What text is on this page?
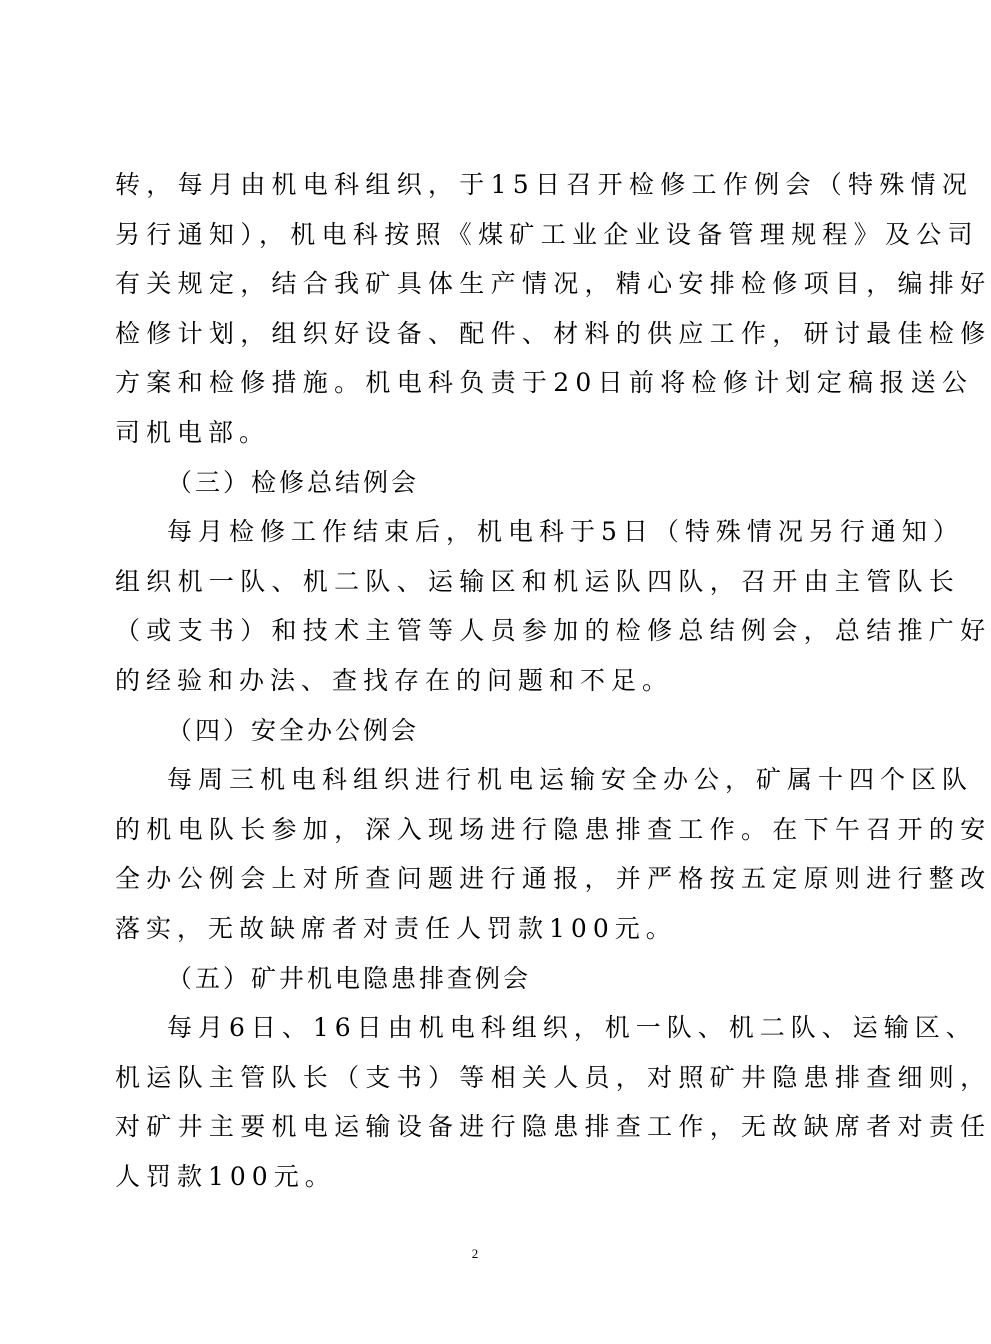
转，每月由机电科组织，于15日召开检修工作例会（特殊情况
另行通知），机电科按照《煤矿工业企业设备管理规程》及公司
有关规定，结合我矿具体生产情况，精心安排检修项目，编排好
检修计划，组织好设备、配件、材料的供应工作，研讨最佳检修
方案和检修措施。机电科负责于20日前将检修计划定稿报送公
司机电部。
（三）检修总结例会
每月检修工作结束后，机电科于5日（特殊情况另行通知）
组织机一队、机二队、运输区和机运队四队，召开由主管队长
（或支书）和技术主管等人员参加的检修总结例会，总结推广好
的经验和办法、查找存在的问题和不足。
（四）安全办公例会
每周三机电科组织进行机电运输安全办公，矿属十四个区队
的机电队长参加，深入现场进行隐患排查工作。在下午召开的安
全办公例会上对所查问题进行通报，并严格按五定原则进行整改
落实，无故缺席者对责任人罚款100元。
（五）矿井机电隐患排查例会
每月6日、16日由机电科组织，机一队、机二队、运输区、
机运队主管队长（支书）等相关人员，对照矿井隐患排查细则，
对矿井主要机电运输设备进行隐患排查工作，无故缺席者对责任
人罚款100元。
2
